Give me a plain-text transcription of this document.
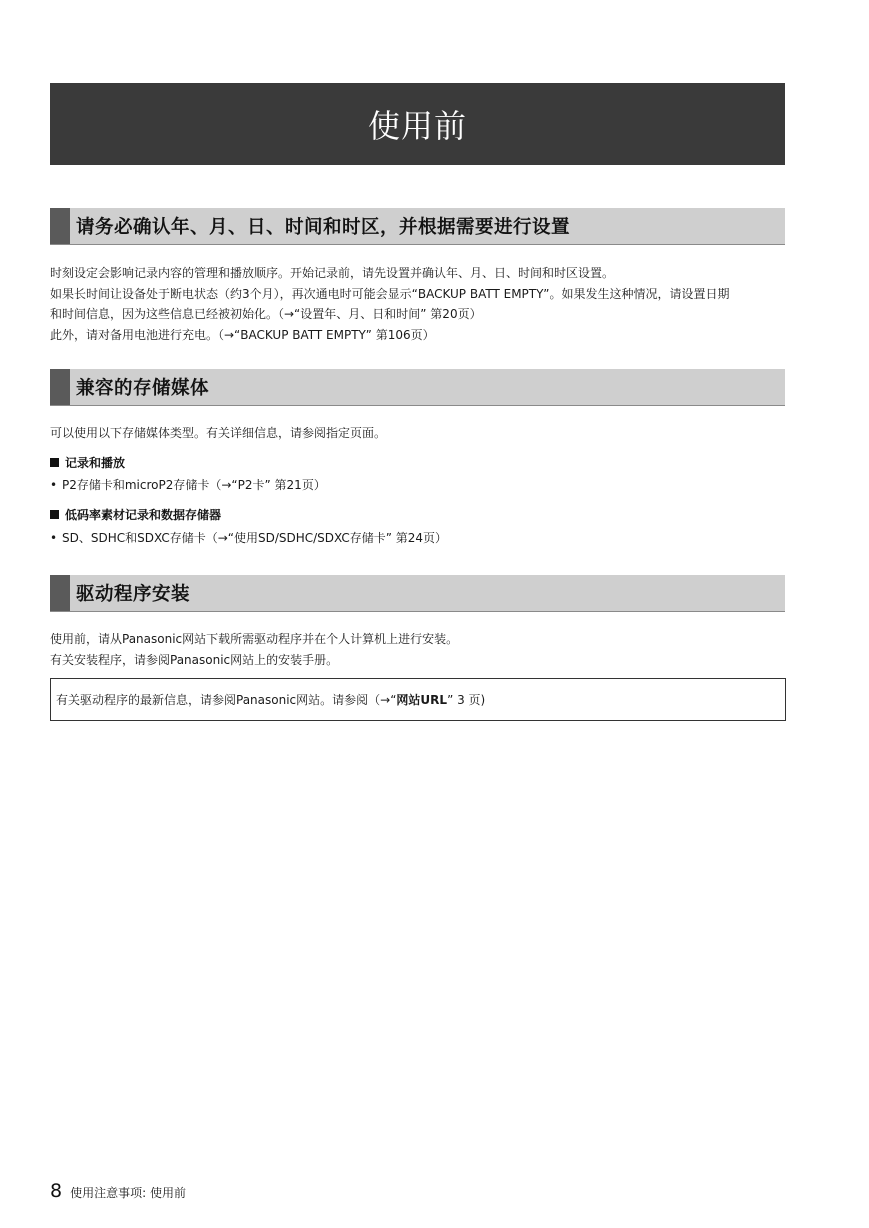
使用前
请务必确认年、月、日、时间和时区，并根据需要进行设置

时刻设定会影响记录内容的管理和播放顺序。开始记录前，请先设置并确认年、月、日、时间和时区设置。

如果长时间让设备处于断电状态（约3个月），再次通电时可能会显示“BACKUP BATT EMPTY”。如果发生这种情况，请设置日期

和时间信息，因为这些信息已经被初始化。（→“设置年、月、日和时间” 第20页）

此外，请对备用电池进行充电。（→“BACKUP BATT EMPTY” 第106页）

兼容的存储媒体

可以使用以下存储媒体类型。有关详细信息，请参阅指定页面。

记录和播放
• P2存储卡和microP2存储卡（→“P2卡” 第21页）
低码率素材记录和数据存储器
• SD、SDHC和SDXC存储卡（→“使用SD/SDHC/SDXC存储卡” 第24页）
驱动程序安装

使用前，请从Panasonic网站下载所需驱动程序并在个人计算机上进行安装。

有关安装程序，请参阅Panasonic网站上的安装手册。

有关驱动程序的最新信息，请参阅Panasonic网站。请参阅（→“网站URL” 3 页)
8 使用注意事项: 使用前
